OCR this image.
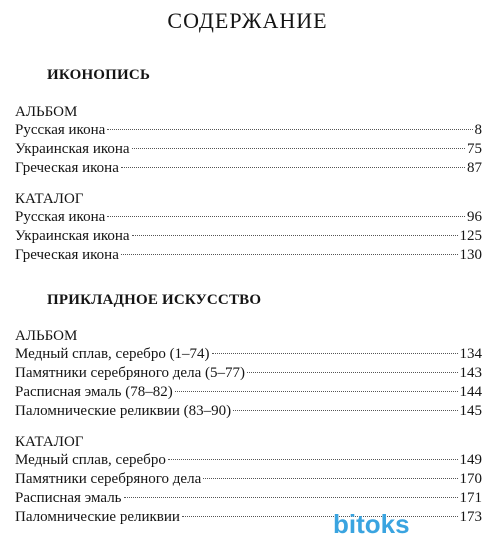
СОДЕРЖАНИЕ
ИКОНОПИСЬ
АЛЬБОМ
Русская икона	8
Украинская икона	75
Греческая икона	87
КАТАЛОГ
Русская икона	96
Украинская икона	125
Греческая икона	130
ПРИКЛАДНОЕ ИСКУССТВО
АЛЬБОМ
Медный сплав, серебро (1–74)	134
Памятники серебряного дела (5–77)	143
Расписная эмаль (78–82)	144
Паломнические реликвии (83–90)	145
КАТАЛОГ
Медный сплав, серебро	149
Памятники серебряного дела	170
Расписная эмаль	171
Паломнические реликвии	173
bitoks
